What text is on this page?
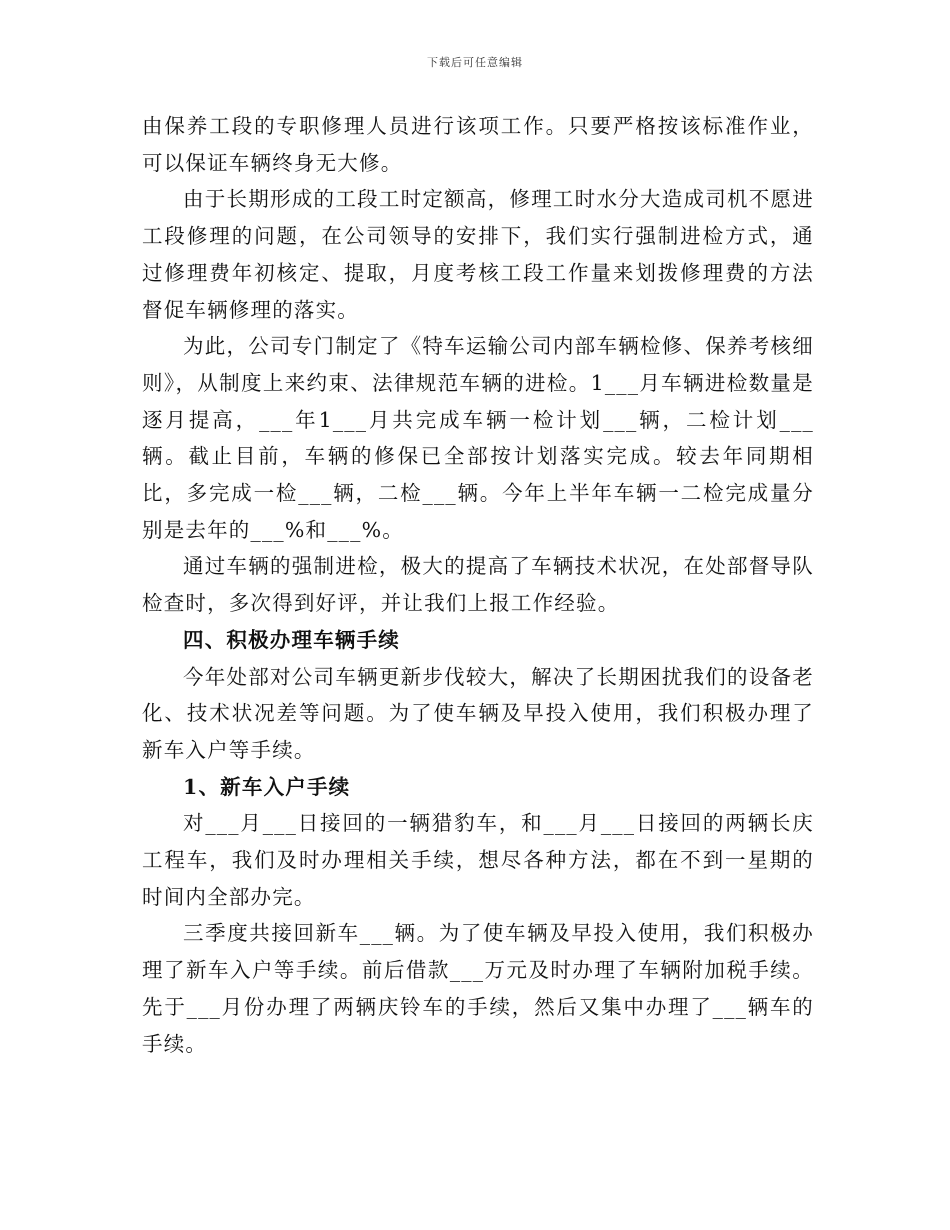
下载后可任意编辑

由保养工段的专职修理人员进行该项工作。只要严格按该标准作业，可以保证车辆终身无大修。

由于长期形成的工段工时定额高，修理工时水分大造成司机不愿进工段修理的问题，在公司领导的安排下，我们实行强制进检方式，通过修理费年初核定、提取，月度考核工段工作量来划拨修理费的方法督促车辆修理的落实。

为此，公司专门制定了《特车运输公司内部车辆检修、保养考核细则》，从制度上来约束、法律规范车辆的进检。1___月车辆进检数量是逐月提高，___年1___月共完成车辆一检计划___辆，二检计划___辆。截止目前，车辆的修保已全部按计划落实完成。较去年同期相比，多完成一检___辆，二检___辆。今年上半年车辆一二检完成量分别是去年的___%和___%。

通过车辆的强制进检，极大的提高了车辆技术状况，在处部督导队检查时，多次得到好评，并让我们上报工作经验。

四、积极办理车辆手续

今年处部对公司车辆更新步伐较大，解决了长期困扰我们的设备老化、技术状况差等问题。为了使车辆及早投入使用，我们积极办理了新车入户等手续。

1、新车入户手续

对___月___日接回的一辆猎豹车，和___月___日接回的两辆长庆工程车，我们及时办理相关手续，想尽各种方法，都在不到一星期的时间内全部办完。

三季度共接回新车___辆。为了使车辆及早投入使用，我们积极办理了新车入户等手续。前后借款___万元及时办理了车辆附加税手续。先于___月份办理了两辆庆铃车的手续，然后又集中办理了___辆车的手续。
